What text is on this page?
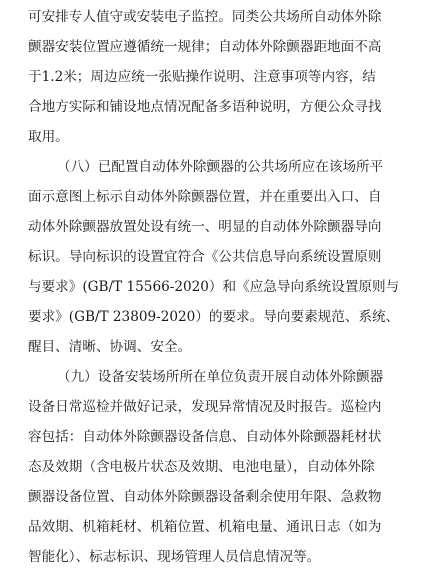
可安排专人值守或安装电子监控。同类公共场所自动体外除
颤器安装位置应遵循统一规律；自动体外除颤器距地面不高
于1.2米；周边应统一张贴操作说明、注意事项等内容，结
合地方实际和铺设地点情况配备多语种说明，方便公众寻找
取用。
（八）已配置自动体外除颤器的公共场所应在该场所平
面示意图上标示自动体外除颤器位置，并在重要出入口、自
动体外除颤器放置处设有统一、明显的自动体外除颤器导向
标识。导向标识的设置宜符合《公共信息导向系统设置原则
与要求》(GB/T 15566-2020）和《应急导向系统设置原则与
要求》(GB/T 23809-2020）的要求。导向要素规范、系统、
醒目、清晰、协调、安全。
（九）设备安装场所所在单位负责开展自动体外除颤器
设备日常巡检并做好记录，发现异常情况及时报告。巡检内
容包括：自动体外除颤器设备信息、自动体外除颤器耗材状
态及效期（含电极片状态及效期、电池电量），自动体外除
颤器设备位置、自动体外除颤器设备剩余使用年限、急救物
品效期、机箱耗材、机箱位置、机箱电量、通讯日志（如为
智能化）、标志标识、现场管理人员信息情况等。
